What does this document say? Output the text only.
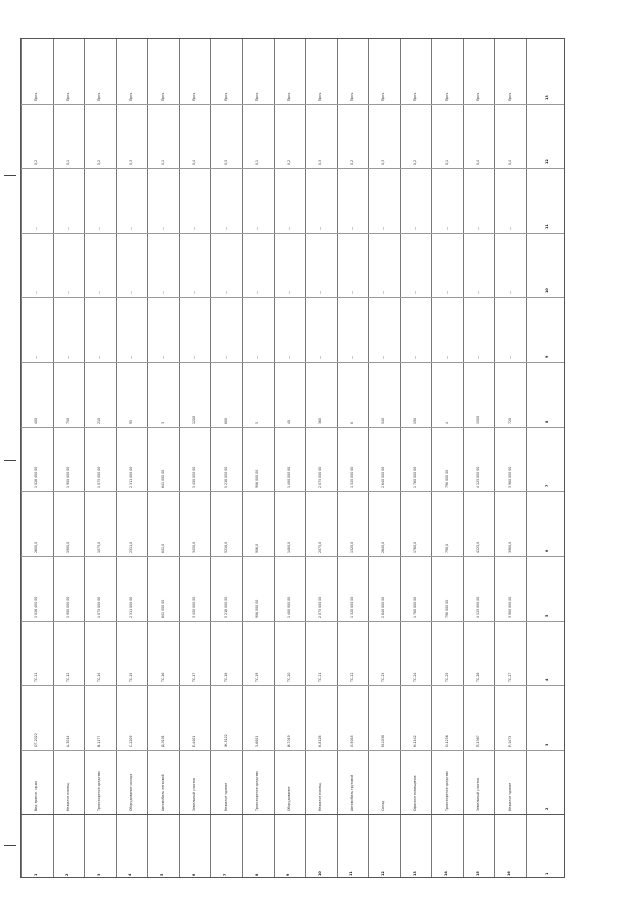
1
Вид трансп. ср-ва
ОТ-2022
ТС-11
1 026 400 00
2600,0
1 026 400 00
400
—
—
—
0,2
Проч.
2
Нежилое помещ.
А-3014
ТС-12
1 900 000 00
1900,0
1 900 000 00
750
—
—
—
0,1
Проч.
3
Транспортное средство
В-1177
ТС-14
1 075 000 00
1075,0
1 075 000 00
210
—
—
—
0,2
Проч.
4
Оборудование склада
С-2209
ТС-15
2 311 000 00
2311,0
2 311 000 00
95
—
—
—
0,3
Проч.
5
Автомобиль легковой
Д-3101
ТС-16
641 000 00
641,0
641 000 00
3
—
—
—
0,1
Проч.
6
Земельный участок
Е-4401
ТС-17
3 450 000 00
3450,0
3 450 000 00
1200
—
—
—
0,4
Проч.
7
Нежилое здание
Ж-5122
ТС-18
5 218 000 00
5218,0
5 218 000 00
880
—
—
—
0,5
Проч.
8
Транспортное средство
З-6001
ТС-19
906 000 00
906,0
906 000 00
5
—
—
—
0,1
Проч.
9
Оборудование
И-7019
ТС-20
1 480 000 00
1480,0
1 480 000 00
40
—
—
—
0,2
Проч.
10
Нежилое помещ.
К-8126
ТС-21
2 075 000 00
2075,0
2 075 000 00
360
—
—
—
0,3
Проч.
11
Автомобиль грузовой
Л-9045
ТС-22
1 320 000 00
1320,0
1 320 000 00
8
—
—
—
0,2
Проч.
12
Склад
М-1038
ТС-23
2 640 000 00
2640,0
2 640 000 00
540
—
—
—
0,3
Проч.
13
Офисное помещение
Н-1142
ТС-24
1 760 000 00
1760,0
1 760 000 00
190
—
—
—
0,2
Проч.
14
Транспортное средство
О-1256
ТС-25
798 000 00
798,0
798 000 00
4
—
—
—
0,1
Проч.
15
Земельный участок
П-1367
ТС-26
4 125 000 00
4125,0
4 125 000 00
1500
—
—
—
0,4
Проч.
16
Нежилое здание
Р-1473
ТС-27
3 980 000 00
3980,0
3 980 000 00
720
—
—
—
0,4
Проч.
1
2
3
4
5
6
7
8
9
10
11
12
13
